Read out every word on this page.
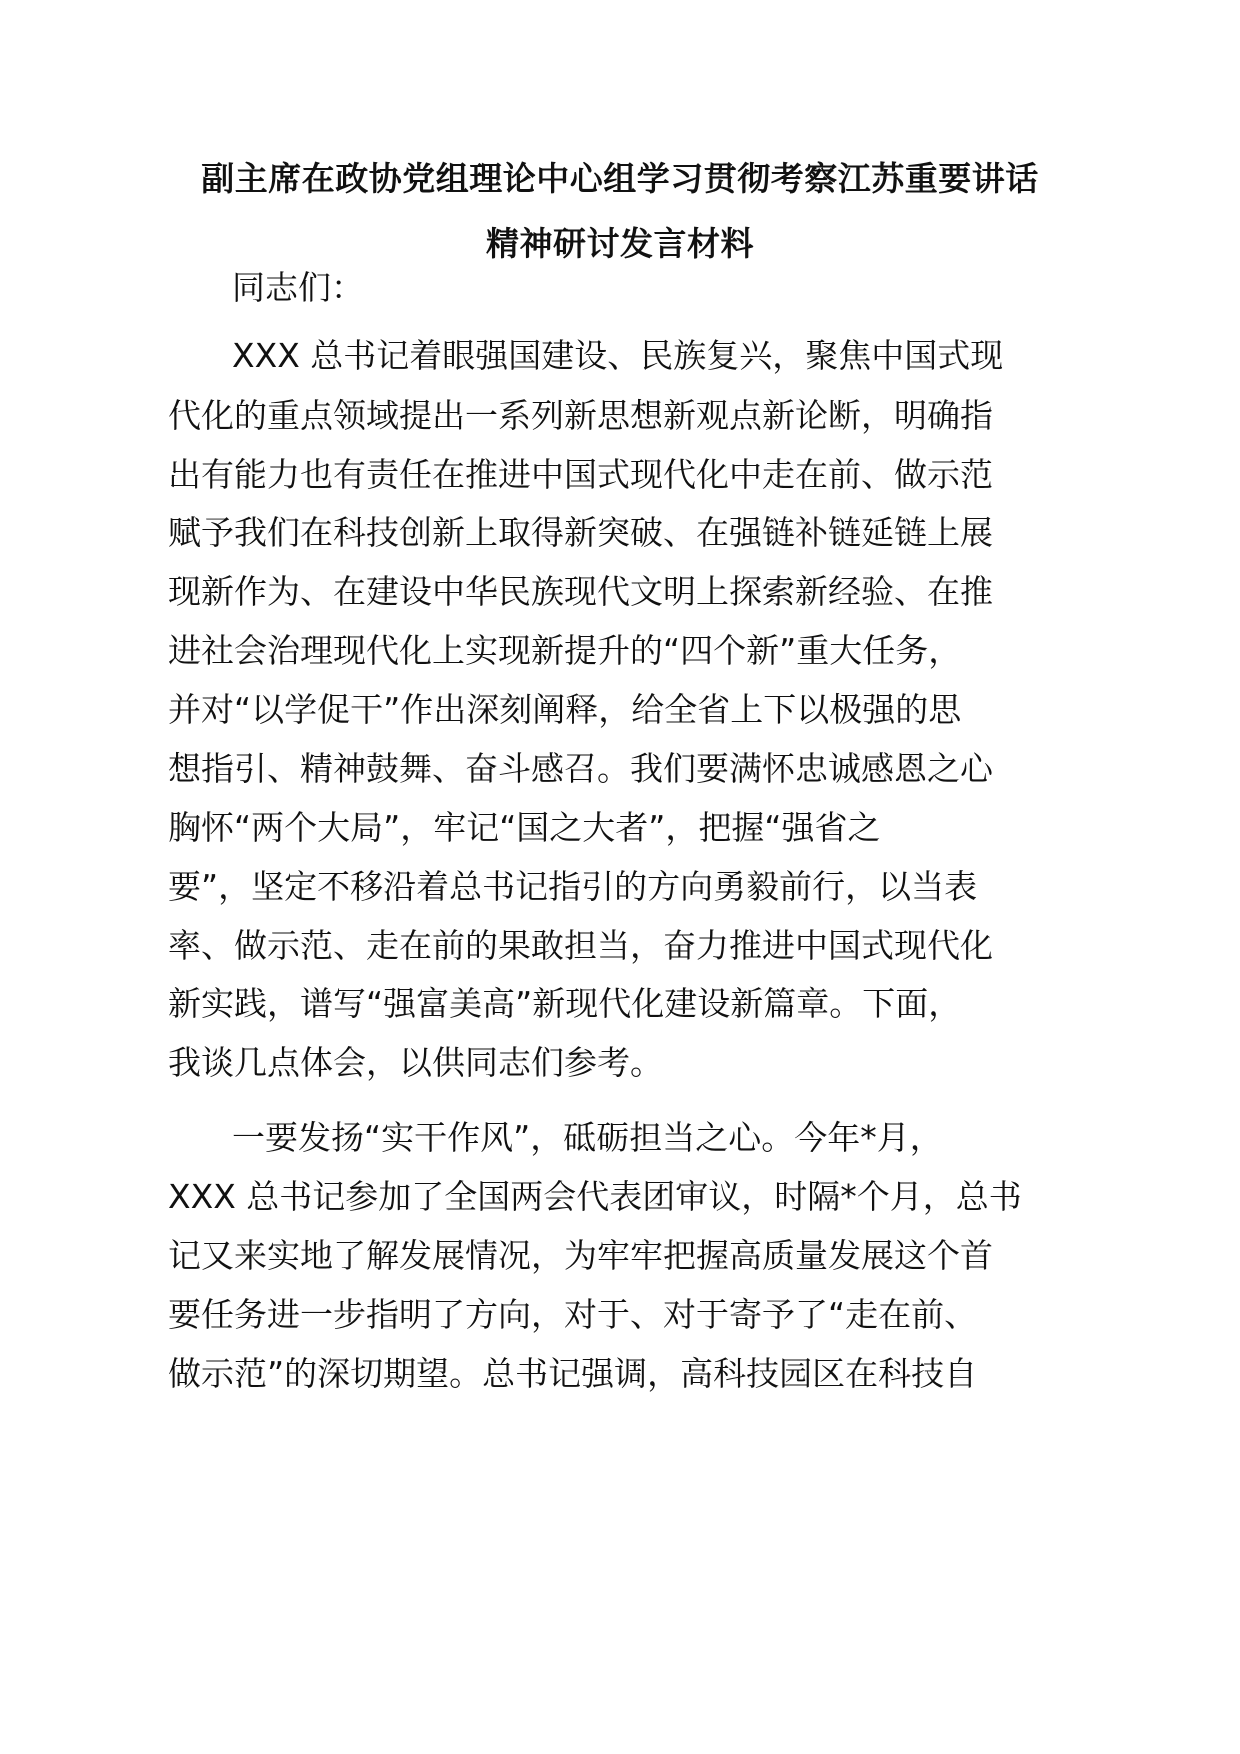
副主席在政协党组理论中心组学习贯彻考察江苏重要讲话
精神研讨发言材料
同志们：
XXX 总书记着眼强国建设、民族复兴，聚焦中国式现
代化的重点领域提出一系列新思想新观点新论断，明确指
出有能力也有责任在推进中国式现代化中走在前、做示范
赋予我们在科技创新上取得新突破、在强链补链延链上展
现新作为、在建设中华民族现代文明上探索新经验、在推
进社会治理现代化上实现新提升的“四个新”重大任务，
并对“以学促干”作出深刻阐释，给全省上下以极强的思
想指引、精神鼓舞、奋斗感召。我们要满怀忠诚感恩之心
胸怀“两个大局”，牢记“国之大者”，把握“强省之
要”，坚定不移沿着总书记指引的方向勇毅前行，以当表
率、做示范、走在前的果敢担当，奋力推进中国式现代化
新实践，谱写“强富美高”新现代化建设新篇章。下面，
我谈几点体会，以供同志们参考。
一要发扬“实干作风”，砥砺担当之心。今年*月，
XXX 总书记参加了全国两会代表团审议，时隔*个月，总书
记又来实地了解发展情况，为牢牢把握高质量发展这个首
要任务进一步指明了方向，对于、对于寄予了“走在前、
做示范”的深切期望。总书记强调，高科技园区在科技自
